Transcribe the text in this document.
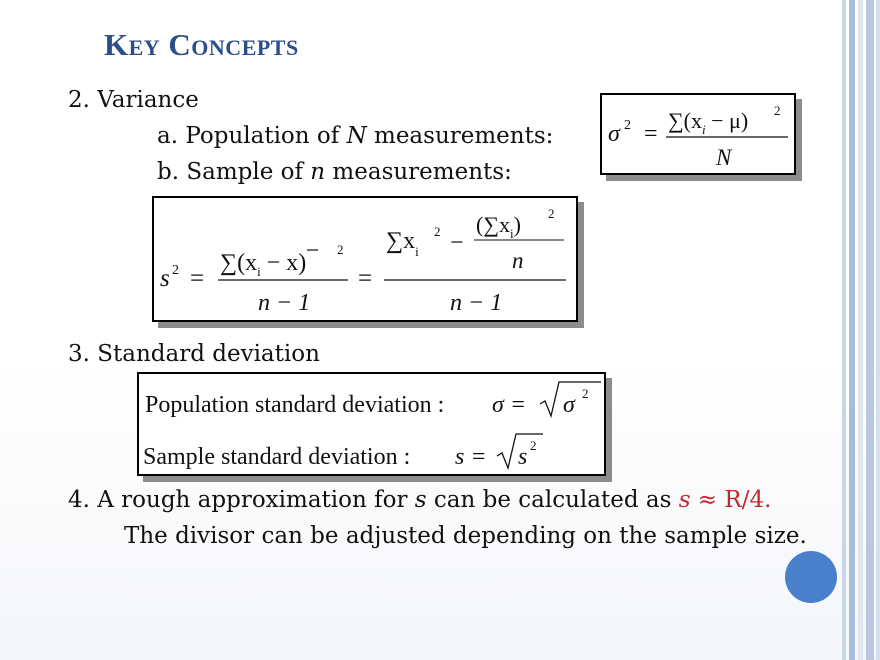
Key Concepts
2. Variance
a. Population of N measurements:
b. Sample of n measurements:
σ 2 =
$\sum(x_i - \mu)$ 2
N
s 2 =
$\sum(x_i - x)$
2
n − 1
=
$\sum x_i$
2 −
$(\sum x_i)$ 2
n
n − 1
3. Standard deviation
Population standard deviation : σ = σ 2
Sample standard deviation : s = s 2
4. A rough approximation for s can be calculated as s ≈ R/4.
The divisor can be adjusted depending on the sample size.
